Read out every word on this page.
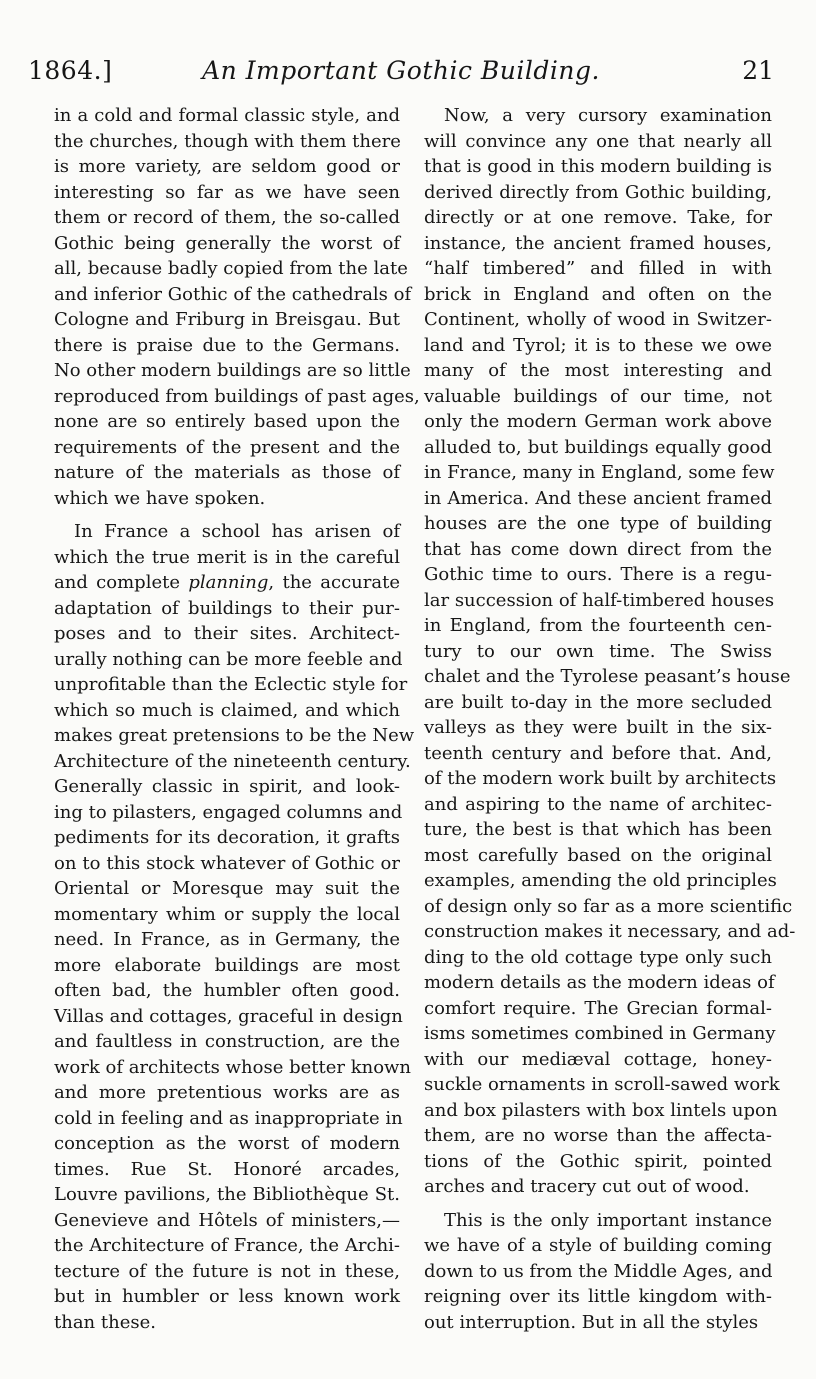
1864.]	An Important Gothic Building.	21
in a cold and formal classic style, and
the churches, though with them there
is more variety, are seldom good or
interesting so far as we have seen
them or record of them, the so-called
Gothic being generally the worst of
all, because badly copied from the late
and inferior Gothic of the cathedrals of
Cologne and Friburg in Breisgau. But
there is praise due to the Germans.
No other modern buildings are so little
reproduced from buildings of past ages,
none are so entirely based upon the
requirements of the present and the
nature of the materials as those of
which we have spoken.
In France a school has arisen of
which the true merit is in the careful
and complete planning, the accurate
adaptation of buildings to their pur-
poses and to their sites. Architect-
urally nothing can be more feeble and
unprofitable than the Eclectic style for
which so much is claimed, and which
makes great pretensions to be the New
Architecture of the nineteenth century.
Generally classic in spirit, and look-
ing to pilasters, engaged columns and
pediments for its decoration, it grafts
on to this stock whatever of Gothic or
Oriental or Moresque may suit the
momentary whim or supply the local
need. In France, as in Germany, the
more elaborate buildings are most
often bad, the humbler often good.
Villas and cottages, graceful in design
and faultless in construction, are the
work of architects whose better known
and more pretentious works are as
cold in feeling and as inappropriate in
conception as the worst of modern
times. Rue St. Honoré arcades,
Louvre pavilions, the Bibliothèque St.
Genevieve and Hôtels of ministers,—
the Architecture of France, the Archi-
tecture of the future is not in these,
but in humbler or less known work
than these.
Now, a very cursory examination
will convince any one that nearly all
that is good in this modern building is
derived directly from Gothic building,
directly or at one remove. Take, for
instance, the ancient framed houses,
“half timbered” and filled in with
brick in England and often on the
Continent, wholly of wood in Switzer-
land and Tyrol; it is to these we owe
many of the most interesting and
valuable buildings of our time, not
only the modern German work above
alluded to, but buildings equally good
in France, many in England, some few
in America. And these ancient framed
houses are the one type of building
that has come down direct from the
Gothic time to ours. There is a regu-
lar succession of half-timbered houses
in England, from the fourteenth cen-
tury to our own time. The Swiss
chalet and the Tyrolese peasant’s house
are built to-day in the more secluded
valleys as they were built in the six-
teenth century and before that. And,
of the modern work built by architects
and aspiring to the name of architec-
ture, the best is that which has been
most carefully based on the original
examples, amending the old principles
of design only so far as a more scientific
construction makes it necessary, and ad-
ding to the old cottage type only such
modern details as the modern ideas of
comfort require. The Grecian formal-
isms sometimes combined in Germany
with our mediæval cottage, honey-
suckle ornaments in scroll-sawed work
and box pilasters with box lintels upon
them, are no worse than the affecta-
tions of the Gothic spirit, pointed
arches and tracery cut out of wood.
This is the only important instance
we have of a style of building coming
down to us from the Middle Ages, and
reigning over its little kingdom with-
out interruption. But in all the styles
